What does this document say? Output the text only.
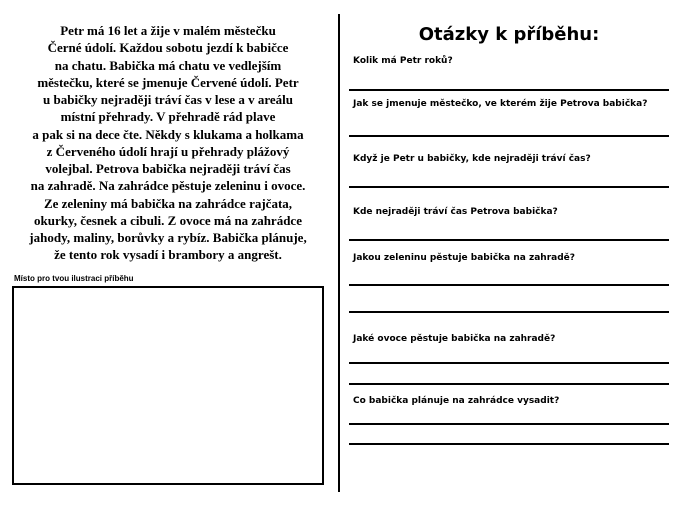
Petr má 16 let a žije v malém městečku
Černé údolí. Každou sobotu jezdí k babičce
na chatu. Babička má chatu ve vedlejším
městečku, které se jmenuje Červené údolí. Petr
u babičky nejraději tráví čas v lese a v areálu
místní přehrady. V přehradě rád plave
a pak si na dece čte. Někdy s klukama a holkama
z Červeného údolí hrají u přehrady plážový
volejbal. Petrova babička nejraději tráví čas
na zahradě. Na zahrádce pěstuje zeleninu i ovoce.
Ze zeleniny má babička na zahrádce rajčata,
okurky, česnek a cibuli. Z ovoce má na zahrádce
jahody, maliny, borůvky a rybíz. Babička plánuje,
že tento rok vysadí i brambory a angrešt.
Místo pro tvou ilustraci příběhu
Otázky k příběhu:
Kolik má Petr roků?
Jak se jmenuje městečko, ve kterém žije Petrova babička?
Když je Petr u babičky, kde nejraději tráví čas?
Kde nejraději tráví čas Petrova babička?
Jakou zeleninu pěstuje babička na zahradě?
Jaké ovoce pěstuje babička na zahradě?
Co babička plánuje na zahrádce vysadit?
